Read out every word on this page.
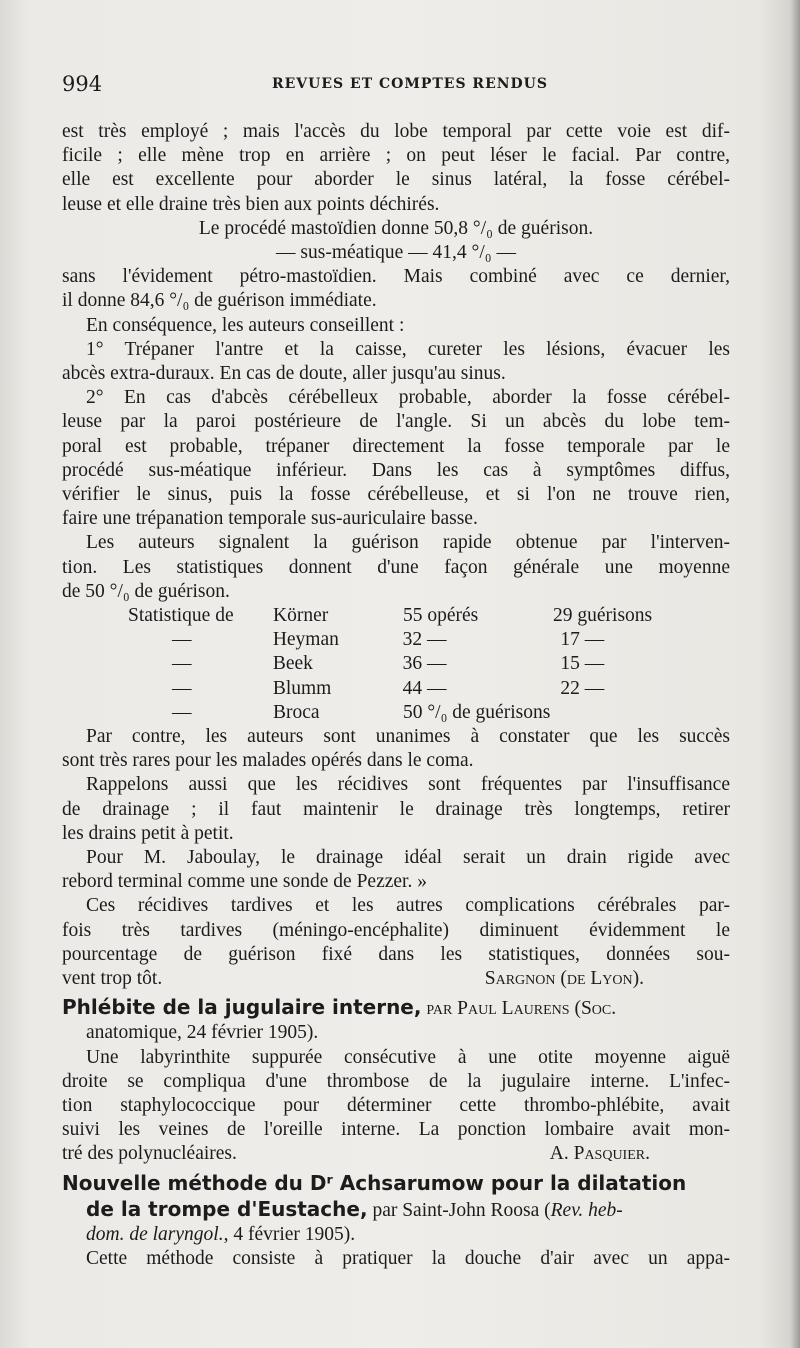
994	REVUES ET COMPTES RENDUS

est très employé ; mais l'accès du lobe temporal par cette voie est dif-
ficile ; elle mène trop en arrière ; on peut léser le facial. Par contre,
elle est excellente pour aborder le sinus latéral, la fosse cérébel-
leuse et elle draine très bien aux points déchirés.

Le procédé mastoïdien donne 50,8 °/₀ de guérison.
— sus-méatique — 41,4 °/₀ —

sans l'évidement pétro-mastoïdien. Mais combiné avec ce dernier,
il donne 84,6 °/₀ de guérison immédiate.

En conséquence, les auteurs conseillent :

1° Trépaner l'antre et la caisse, cureter les lésions, évacuer les
abcès extra-duraux. En cas de doute, aller jusqu'au sinus.

2° En cas d'abcès cérébelleux probable, aborder la fosse cérébel-
leuse par la paroi postérieure de l'angle. Si un abcès du lobe tem-
poral est probable, trépaner directement la fosse temporale par le
procédé sus-méatique inférieur. Dans les cas à symptômes diffus,
vérifier le sinus, puis la fosse cérébelleuse, et si l'on ne trouve rien,
faire une trépanation temporale sus-auriculaire basse.

Les auteurs signalent la guérison rapide obtenue par l'interven-
tion. Les statistiques donnent d'une façon générale une moyenne
de 50 °/₀ de guérison.

Statistique de	Körner	55 opérés	29 guérisons
—	Heyman	32 —	17 —
—	Beek	36 —	15 —
—	Blumm	44 —	22 —
—	Broca	50 °/₀ de guérisons

Par contre, les auteurs sont unanimes à constater que les succès
sont très rares pour les malades opérés dans le coma.

Rappelons aussi que les récidives sont fréquentes par l'insuffisance
de drainage ; il faut maintenir le drainage très longtemps, retirer
les drains petit à petit.

Pour M. Jaboulay, le drainage idéal serait un drain rigide avec
rebord terminal comme une sonde de Pezzer. »

Ces récidives tardives et les autres complications cérébrales par-
fois très tardives (méningo-encéphalite) diminuent évidemment le
pourcentage de guérison fixé dans les statistiques, données sou-

vent trop tôt.	Sargnon (de Lyon).
Phlébite de la jugulaire interne, par Paul Laurens (Soc.
anatomique, 24 février 1905).

Une labyrinthite suppurée consécutive à une otite moyenne aiguë
droite se compliqua d'une thrombose de la jugulaire interne. L'infec-
tion staphylococcique pour déterminer cette thrombo-phlébite, avait
suivi les veines de l'oreille interne. La ponction lombaire avait mon-

tré des polynucléaires.	A. Pasquier.
Nouvelle méthode du Dʳ Achsarumow pour la dilatation
de la trompe d'Eustache, par Saint-John Roosa (Rev. heb-
dom. de laryngol., 4 février 1905).

Cette méthode consiste à pratiquer la douche d'air avec un appa-
